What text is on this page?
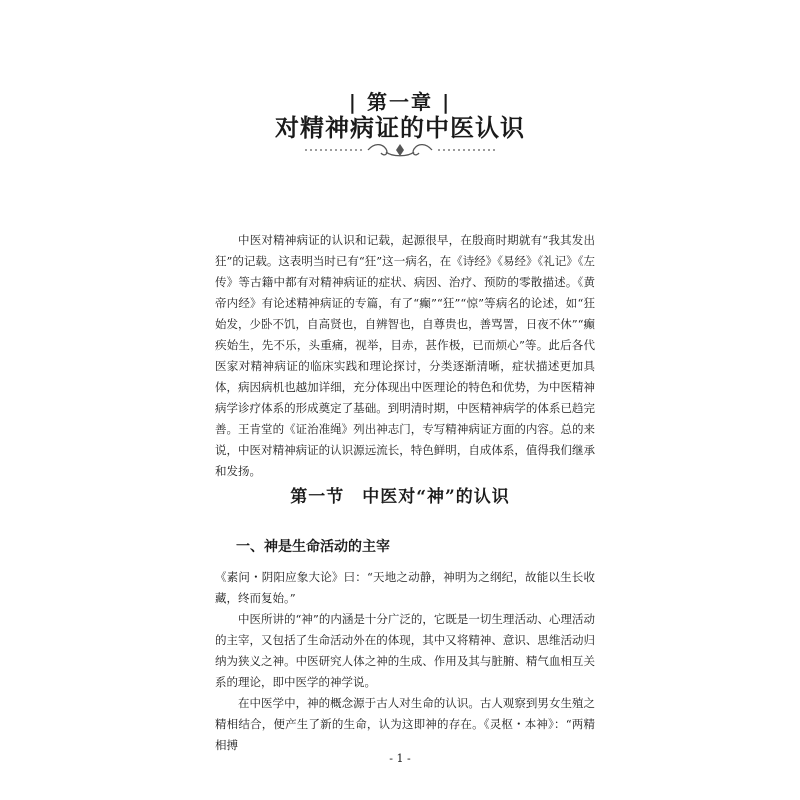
| 第一章 |
对精神病证的中医认识

中医对精神病证的认识和记载，起源很早，在殷商时期就有“我其发出狂”的记载。这表明当时已有“狂”这一病名，在《诗经》《易经》《礼记》《左传》等古籍中都有对精神病证的症状、病因、治疗、预防的零散描述。《黄帝内经》有论述精神病证的专篇，有了“癫”“狂”“惊”等病名的论述，如“狂始发，少卧不饥，自高贤也，自辨智也，自尊贵也，善骂詈，日夜不休”“癫疾始生，先不乐，头重痛，视举，目赤，甚作极，已而烦心”等。此后各代医家对精神病证的临床实践和理论探讨，分类逐渐清晰，症状描述更加具体，病因病机也越加详细，充分体现出中医理论的特色和优势，为中医精神病学诊疗体系的形成奠定了基础。到明清时期，中医精神病学的体系已趋完善。王肯堂的《证治准绳》列出神志门，专写精神病证方面的内容。总的来说，中医对精神病证的认识源远流长，特色鲜明，自成体系，值得我们继承和发扬。

第一节　中医对“神”的认识
一、神是生命活动的主宰

《素问・阴阳应象大论》曰：“天地之动静，神明为之纲纪，故能以生长收藏，终而复始。”

中医所讲的“神”的内涵是十分广泛的，它既是一切生理活动、心理活动的主宰，又包括了生命活动外在的体现，其中又将精神、意识、思维活动归纳为狭义之神。中医研究人体之神的生成、作用及其与脏腑、精气血相互关系的理论，即中医学的神学说。

在中医学中，神的概念源于古人对生命的认识。古人观察到男女生殖之精相结合，便产生了新的生命，认为这即神的存在。《灵枢・本神》：“两精相搏

- 1 -
